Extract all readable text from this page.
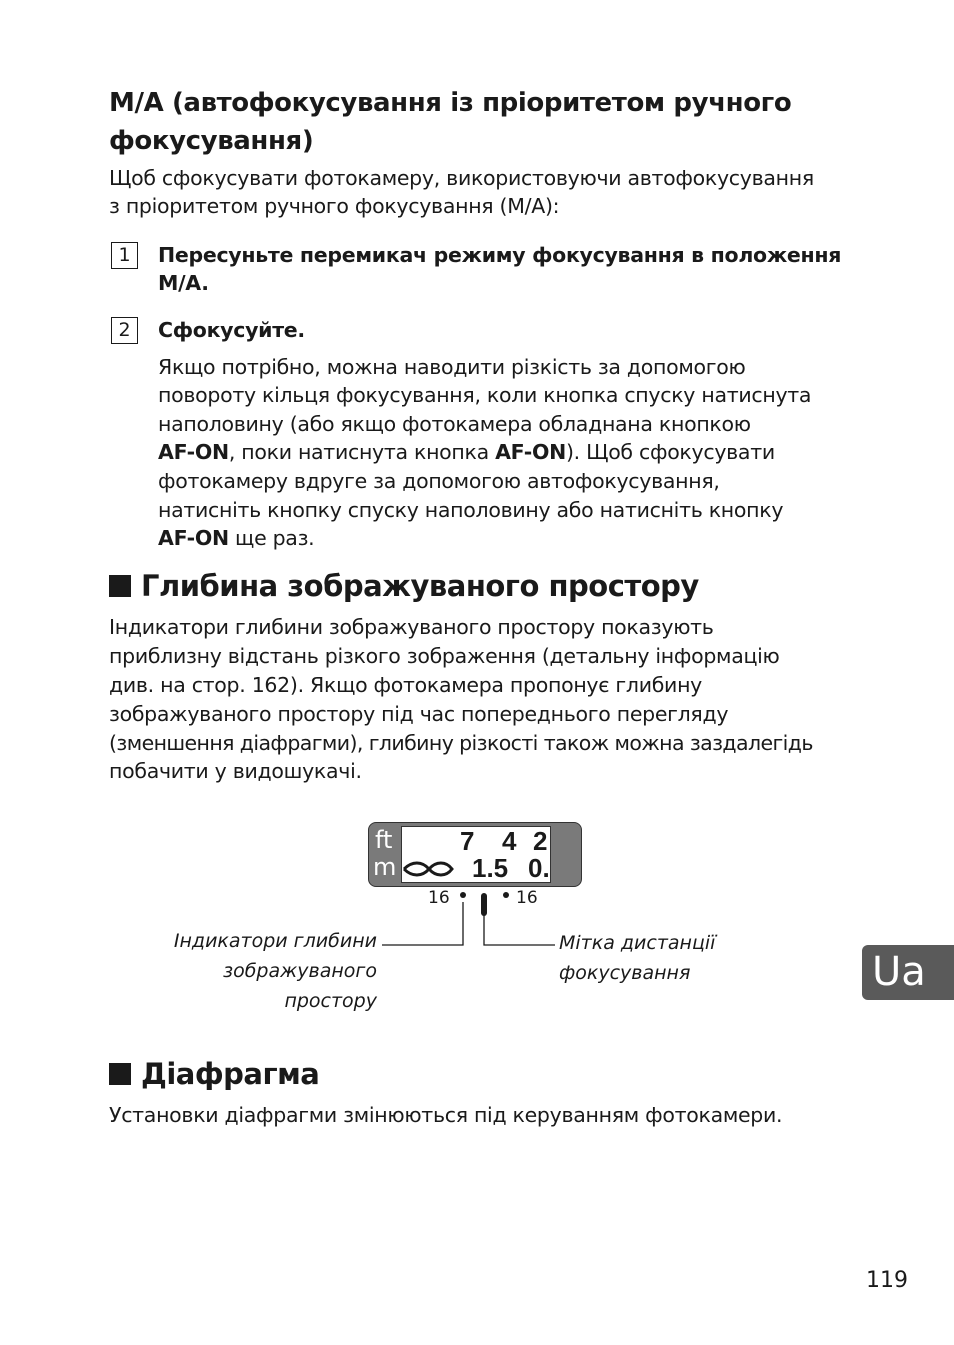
M/A (автофокусування із пріоритетом ручного
фокусування)
Щоб сфокусувати фотокамеру, використовуючи автофокусування
з пріоритетом ручного фокусування (M/A):
1	Пересуньте перемикач режиму фокусування в положення
M/A.
2	Сфокусуйте.
Якщо потрібно, можна наводити різкість за допомогою
повороту кільця фокусування, коли кнопка спуску натиснута
наполовину (або якщо фотокамера обладнана кнопкою
AF-ON, поки натиснута кнопка AF-ON). Щоб сфокусувати
фотокамеру вдруге за допомогою автофокусування,
натисніть кнопку спуску наполовину або натисніть кнопку
AF-ON ще раз.
Глибина зображуваного простору
Індикатори глибини зображуваного простору показують
приблизну відстань різкого зображення (детальну інформацію
див. на стор. 162). Якщо фотокамера пропонує глибину
зображуваного простору під час попереднього перегляду
(зменшення діафрагми), глибину різкості також можна заздалегідь
побачити у видошукачі.
ft
m
7 4 2
1.5 0.
16	16
Індикатори глибини
зображуваного
простору
Мітка дистанції
фокусування	Ua
Діафрагма
Установки діафрагми змінюються під керуванням фотокамери.
119
